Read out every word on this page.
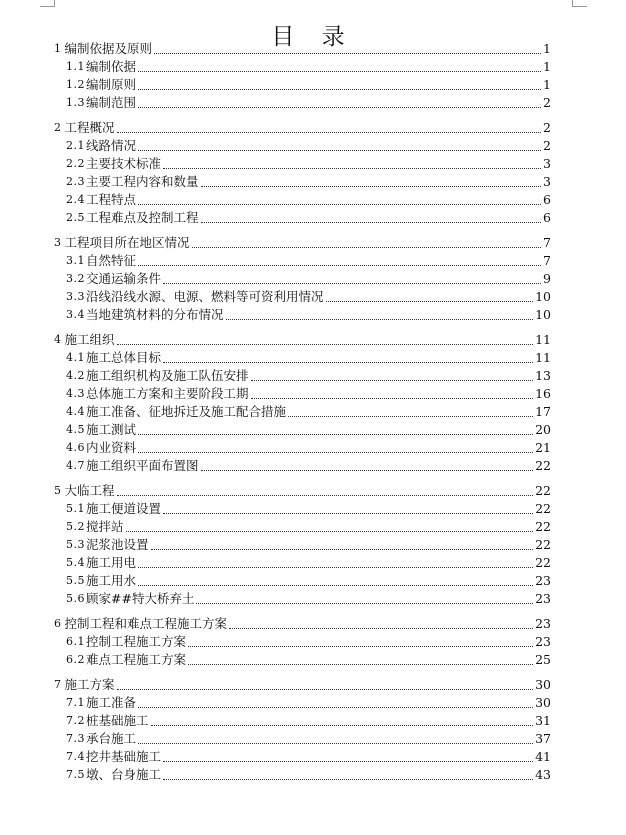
目 录
1 编制依据及原则	1
1.1 编制依据	1
1.2 编制原则	1
1.3 编制范围	2
2 工程概况	2
2.1 线路情况	2
2.2 主要技术标准	3
2.3 主要工程内容和数量	3
2.4 工程特点	6
2.5 工程难点及控制工程	6
3 工程项目所在地区情况	7
3.1 自然特征	7
3.2 交通运输条件	9
3.3 沿线沿线水源、电源、燃料等可资利用情况	10
3.4 当地建筑材料的分布情况	10
4 施工组织	11
4.1 施工总体目标	11
4.2 施工组织机构及施工队伍安排	13
4.3 总体施工方案和主要阶段工期	16
4.4 施工准备、征地拆迁及施工配合措施	17
4.5 施工测试	20
4.6 内业资料	21
4.7 施工组织平面布置图	22
5 大临工程	22
5.1 施工便道设置	22
5.2 搅拌站	22
5.3 泥浆池设置	22
5.4 施工用电	22
5.5 施工用水	23
5.6 顾家##特大桥弃土	23
6 控制工程和难点工程施工方案	23
6.1 控制工程施工方案	23
6.2 难点工程施工方案	25
7 施工方案	30
7.1 施工准备	30
7.2 桩基础施工	31
7.3 承台施工	37
7.4 挖井基础施工	41
7.5 墩、台身施工	43
